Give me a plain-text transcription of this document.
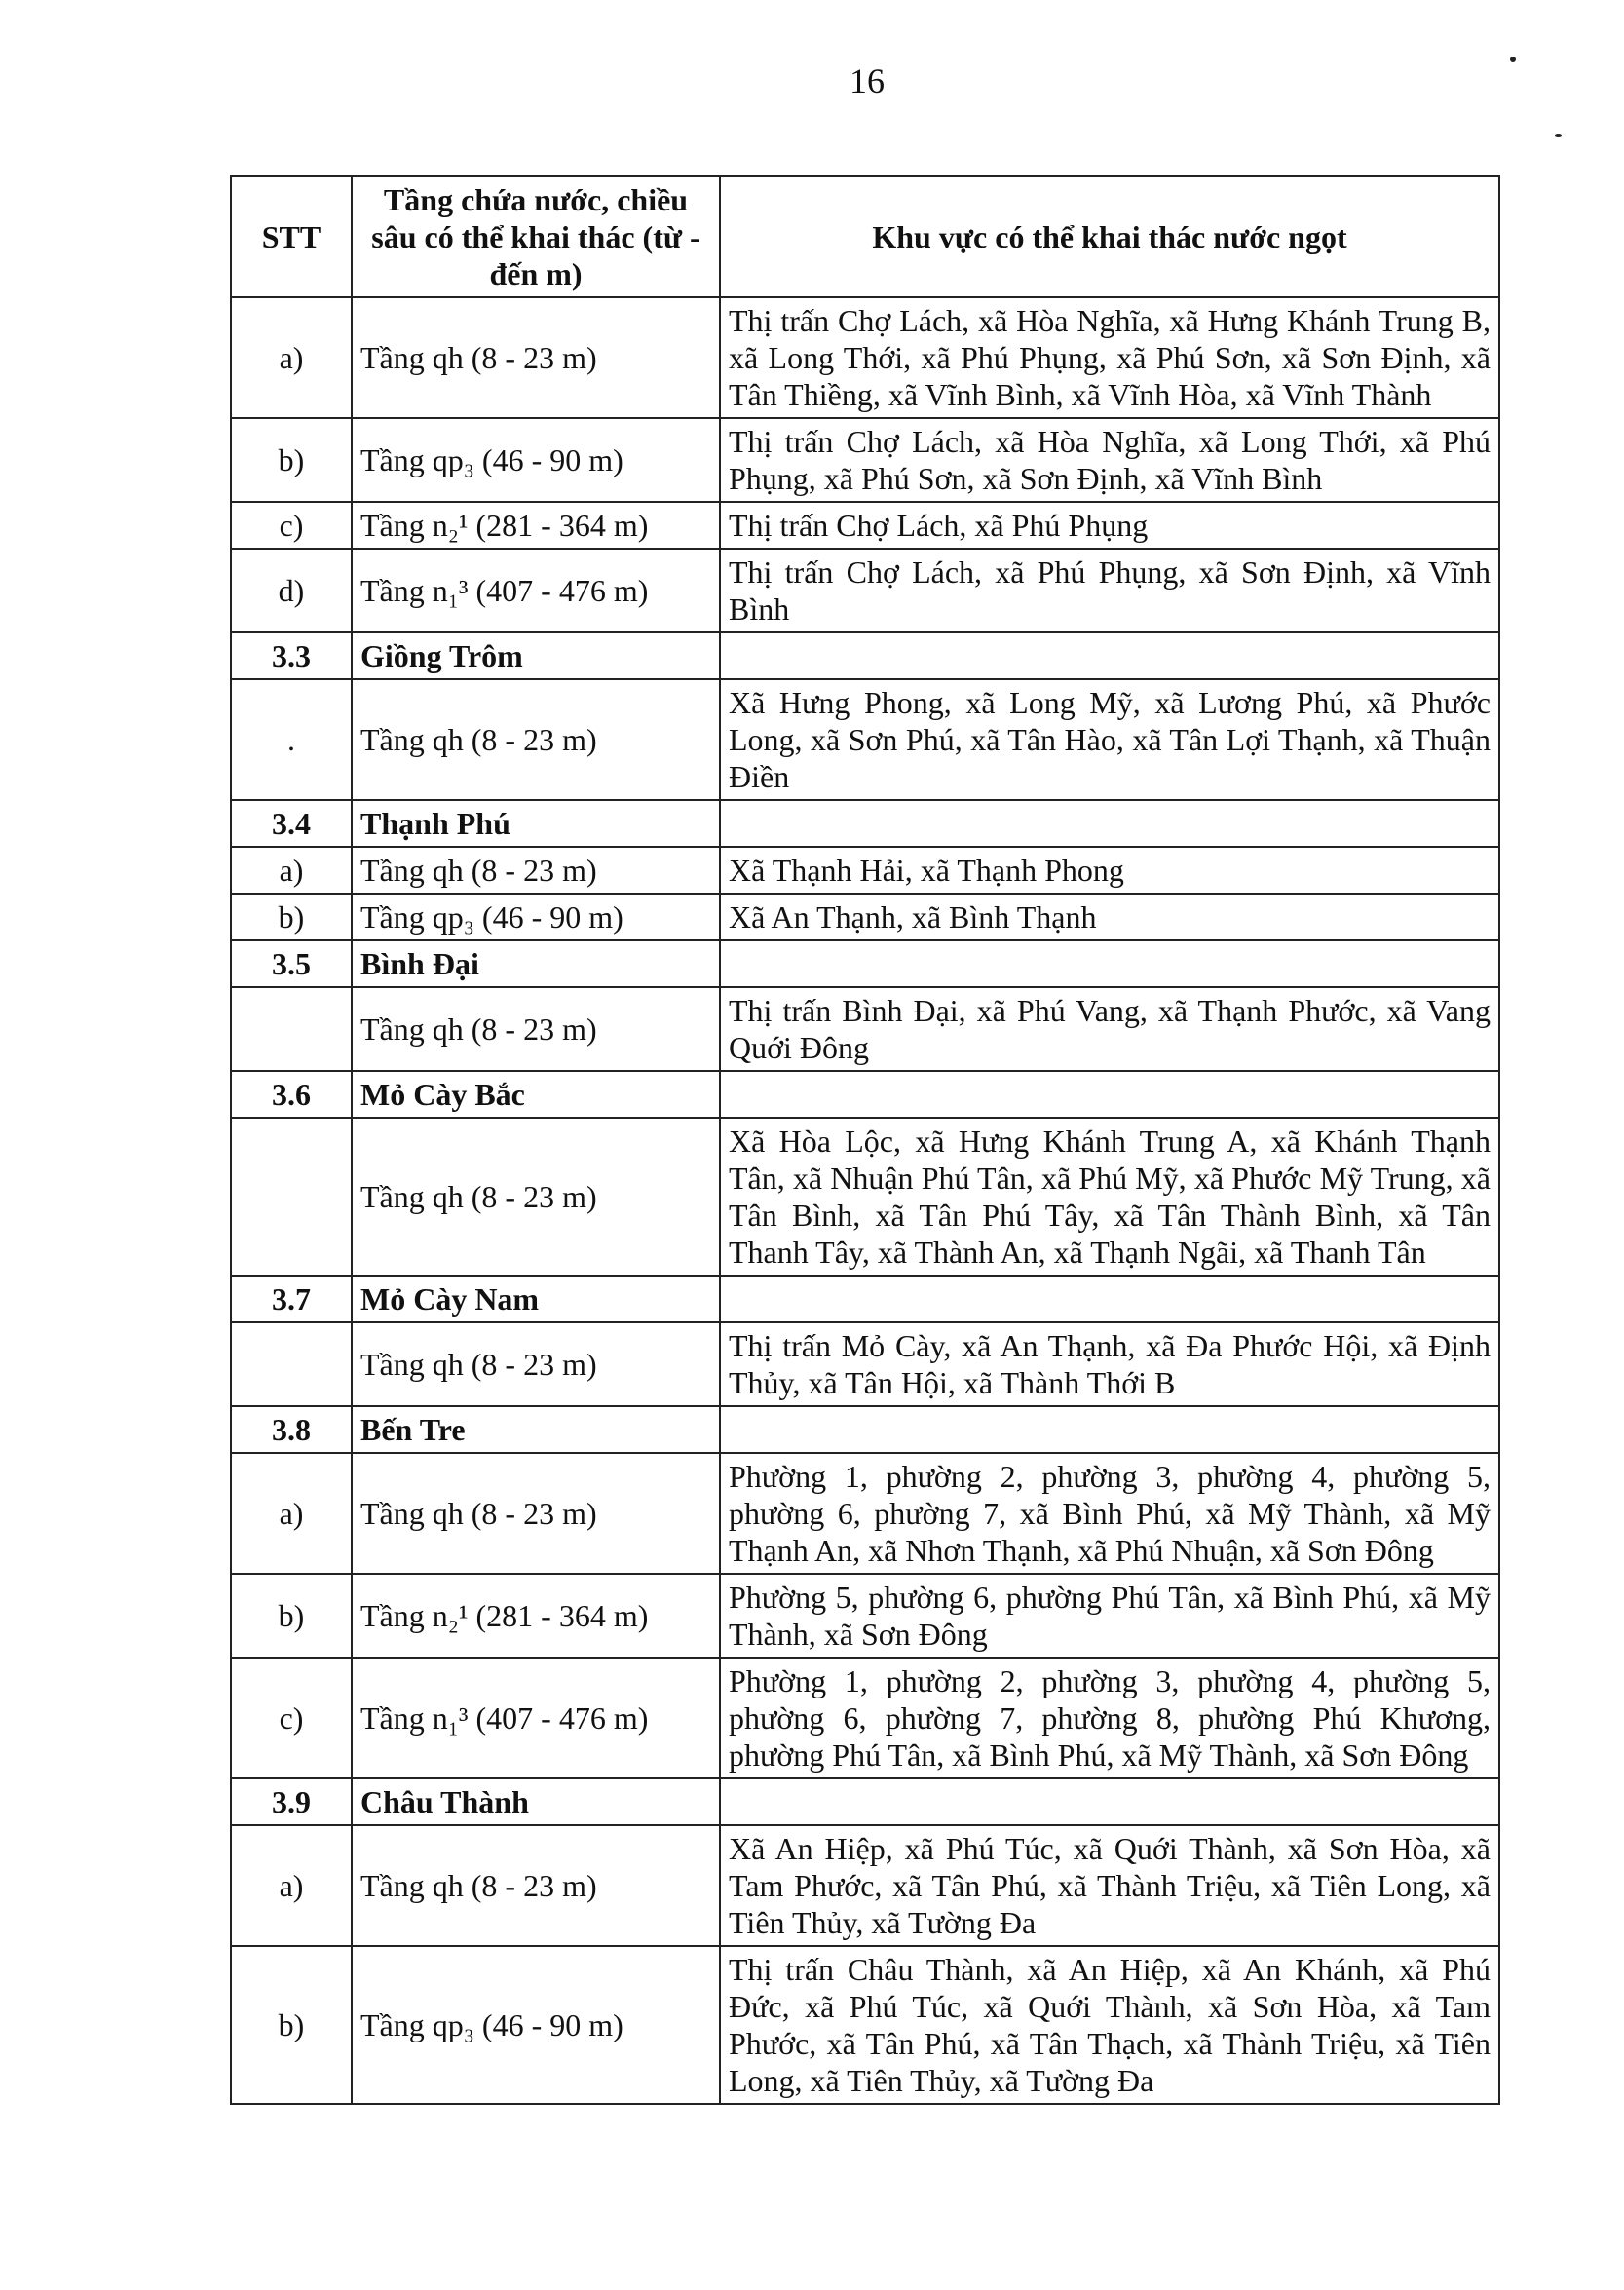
16
STT	Tầng chứa nước, chiều sâu có thể khai thác (từ - đến m)	Khu vực có thể khai thác nước ngọt
a)	Tầng qh (8 - 23 m)	Thị trấn Chợ Lách, xã Hòa Nghĩa, xã Hưng Khánh Trung B, xã Long Thới, xã Phú Phụng, xã Phú Sơn, xã Sơn Định, xã Tân Thiềng, xã Vĩnh Bình, xã Vĩnh Hòa, xã Vĩnh Thành
b)	Tầng qp₃ (46 - 90 m)	Thị trấn Chợ Lách, xã Hòa Nghĩa, xã Long Thới, xã Phú Phụng, xã Phú Sơn, xã Sơn Định, xã Vĩnh Bình
c)	Tầng n₂¹ (281 - 364 m)	Thị trấn Chợ Lách, xã Phú Phụng
d)	Tầng n₁³ (407 - 476 m)	Thị trấn Chợ Lách, xã Phú Phụng, xã Sơn Định, xã Vĩnh Bình
3.3	Giồng Trôm	
.	Tầng qh (8 - 23 m)	Xã Hưng Phong, xã Long Mỹ, xã Lương Phú, xã Phước Long, xã Sơn Phú, xã Tân Hào, xã Tân Lợi Thạnh, xã Thuận Điền
3.4	Thạnh Phú	
a)	Tầng qh (8 - 23 m)	Xã Thạnh Hải, xã Thạnh Phong
b)	Tầng qp₃ (46 - 90 m)	Xã An Thạnh, xã Bình Thạnh
3.5	Bình Đại	
	Tầng qh (8 - 23 m)	Thị trấn Bình Đại, xã Phú Vang, xã Thạnh Phước, xã Vang Quới Đông
3.6	Mỏ Cày Bắc	
	Tầng qh (8 - 23 m)	Xã Hòa Lộc, xã Hưng Khánh Trung A, xã Khánh Thạnh Tân, xã Nhuận Phú Tân, xã Phú Mỹ, xã Phước Mỹ Trung, xã Tân Bình, xã Tân Phú Tây, xã Tân Thành Bình, xã Tân Thanh Tây, xã Thành An, xã Thạnh Ngãi, xã Thanh Tân
3.7	Mỏ Cày Nam	
	Tầng qh (8 - 23 m)	Thị trấn Mỏ Cày, xã An Thạnh, xã Đa Phước Hội, xã Định Thủy, xã Tân Hội, xã Thành Thới B
3.8	Bến Tre	
a)	Tầng qh (8 - 23 m)	Phường 1, phường 2, phường 3, phường 4, phường 5, phường 6, phường 7, xã Bình Phú, xã Mỹ Thành, xã Mỹ Thạnh An, xã Nhơn Thạnh, xã Phú Nhuận, xã Sơn Đông
b)	Tầng n₂¹ (281 - 364 m)	Phường 5, phường 6, phường Phú Tân, xã Bình Phú, xã Mỹ Thành, xã Sơn Đông
c)	Tầng n₁³ (407 - 476 m)	Phường 1, phường 2, phường 3, phường 4, phường 5, phường 6, phường 7, phường 8, phường Phú Khương, phường Phú Tân, xã Bình Phú, xã Mỹ Thành, xã Sơn Đông
3.9	Châu Thành	
a)	Tầng qh (8 - 23 m)	Xã An Hiệp, xã Phú Túc, xã Quới Thành, xã Sơn Hòa, xã Tam Phước, xã Tân Phú, xã Thành Triệu, xã Tiên Long, xã Tiên Thủy, xã Tường Đa
b)	Tầng qp₃ (46 - 90 m)	Thị trấn Châu Thành, xã An Hiệp, xã An Khánh, xã Phú Đức, xã Phú Túc, xã Quới Thành, xã Sơn Hòa, xã Tam Phước, xã Tân Phú, xã Tân Thạch, xã Thành Triệu, xã Tiên Long, xã Tiên Thủy, xã Tường Đa
